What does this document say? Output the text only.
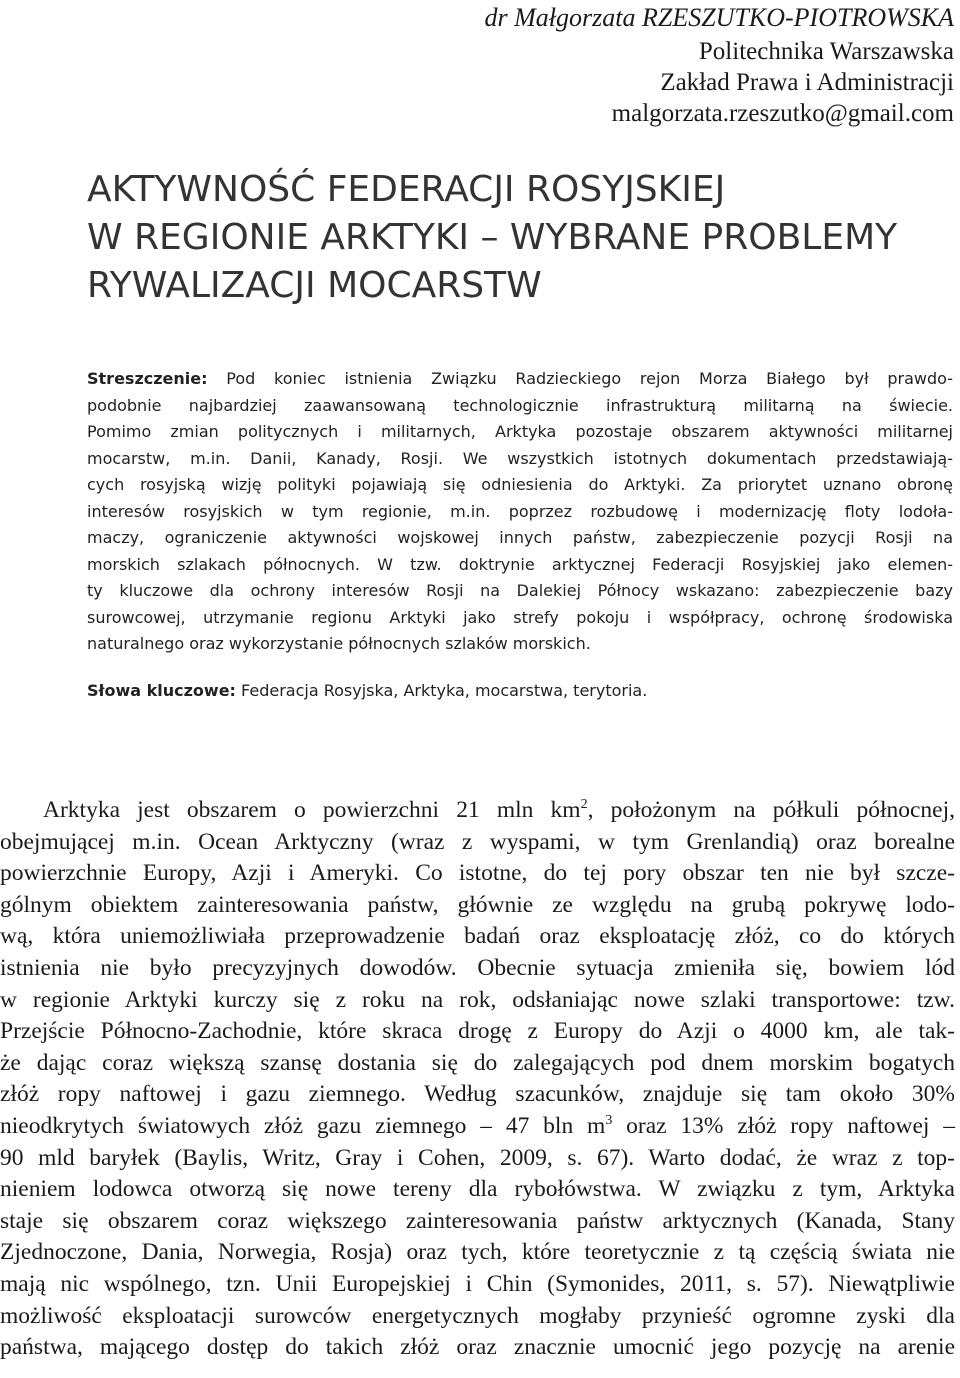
dr Małgorzata RZESZUTKO-PIOTROWSKA
Politechnika Warszawska
Zakład Prawa i Administracji
malgorzata.rzeszutko@gmail.com
AKTYWNOŚĆ FEDERACJI ROSYJSKIEJ
W REGIONIE ARKTYKI – WYBRANE PROBLEMY
RYWALIZACJI MOCARSTW
Streszczenie: Pod koniec istnienia Związku Radzieckiego rejon Morza Białego był prawdo-
podobnie najbardziej zaawansowaną technologicznie infrastrukturą militarną na świecie.
Pomimo zmian politycznych i militarnych, Arktyka pozostaje obszarem aktywności militarnej
mocarstw, m.in. Danii, Kanady, Rosji. We wszystkich istotnych dokumentach przedstawiają-
cych rosyjską wizję polityki pojawiają się odniesienia do Arktyki. Za priorytet uznano obronę
interesów rosyjskich w tym regionie, m.in. poprzez rozbudowę i modernizację floty lodoła-
maczy, ograniczenie aktywności wojskowej innych państw, zabezpieczenie pozycji Rosji na
morskich szlakach północnych. W tzw. doktrynie arktycznej Federacji Rosyjskiej jako elemen-
ty kluczowe dla ochrony interesów Rosji na Dalekiej Północy wskazano: zabezpieczenie bazy
surowcowej, utrzymanie regionu Arktyki jako strefy pokoju i współpracy, ochronę środowiska
naturalnego oraz wykorzystanie północnych szlaków morskich.
Słowa kluczowe: Federacja Rosyjska, Arktyka, mocarstwa, terytoria.
Arktyka jest obszarem o powierzchni 21 mln $km^2$, położonym na półkuli północnej,
obejmującej m.in. Ocean Arktyczny (wraz z wyspami, w tym Grenlandią) oraz borealne
powierzchnie Europy, Azji i Ameryki. Co istotne, do tej pory obszar ten nie był szcze-
gólnym obiektem zainteresowania państw, głównie ze względu na grubą pokrywę lodo-
wą, która uniemożliwiała przeprowadzenie badań oraz eksploatację złóż, co do których
istnienia nie było precyzyjnych dowodów. Obecnie sytuacja zmieniła się, bowiem lód
w regionie Arktyki kurczy się z roku na rok, odsłaniając nowe szlaki transportowe: tzw.
Przejście Północno-Zachodnie, które skraca drogę z Europy do Azji o 4000 km, ale tak-
że dając coraz większą szansę dostania się do zalegających pod dnem morskim bogatych
złóż ropy naftowej i gazu ziemnego. Według szacunków, znajduje się tam około 30%
nieodkrytych światowych złóż gazu ziemnego – 47 bln $m^3$ oraz 13% złóż ropy naftowej –
90 mld baryłek (Baylis, Writz, Gray i Cohen, 2009, s. 67). Warto dodać, że wraz z top-
nieniem lodowca otworzą się nowe tereny dla rybołówstwa. W związku z tym, Arktyka
staje się obszarem coraz większego zainteresowania państw arktycznych (Kanada, Stany
Zjednoczone, Dania, Norwegia, Rosja) oraz tych, które teoretycznie z tą częścią świata nie
mają nic wspólnego, tzn. Unii Europejskiej i Chin (Symonides, 2011, s. 57). Niewątpliwie
możliwość eksploatacji surowców energetycznych mogłaby przynieść ogromne zyski dla
państwa, mającego dostęp do takich złóż oraz znacznie umocnić jego pozycję na arenie
